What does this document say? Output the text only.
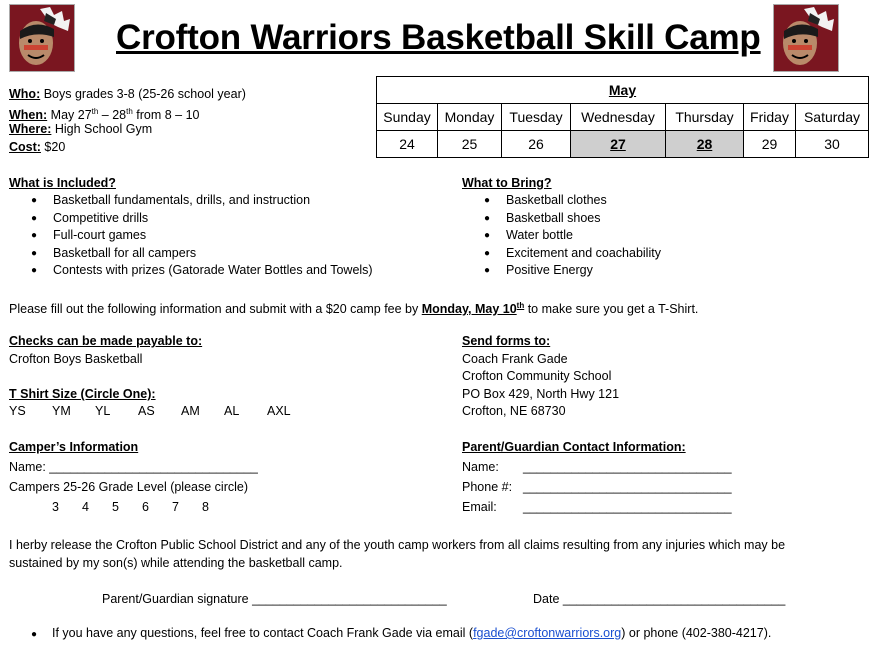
Crofton Warriors Basketball Skill Camp
Who: Boys grades 3-8 (25-26 school year)
When: May 27th – 28th from 8 – 10
Where: High School Gym
Cost: $20
May						
Sunday	Monday	Tuesday	Wednesday	Thursday	Friday	Saturday
24	25	26	27	28	29	30
What is Included?
● Basketball fundamentals, drills, and instruction
● Competitive drills
● Full-court games
● Basketball for all campers
● Contests with prizes (Gatorade Water Bottles and Towels)
What to Bring?
● Basketball clothes
● Basketball shoes
● Water bottle
● Excitement and coachability
● Positive Energy
Please fill out the following information and submit with a $20 camp fee by Monday, May 10th to make sure you get a T-Shirt.
Checks can be made payable to:
Crofton Boys Basketball
Send forms to:
Coach Frank Gade
Crofton Community School
PO Box 429, North Hwy 121
Crofton, NE 68730
T Shirt Size (Circle One):
YS YM YL AS AM AL AXL
Camper’s Information
Name: ______________________________
Campers 25-26 Grade Level (please circle)
3 4 5 6 7 8
Parent/Guardian Contact Information:
Name: ______________________________
Phone #: ______________________________
Email: ______________________________
I herby release the Crofton Public School District and any of the youth camp workers from all claims resulting from any injuries which may be
sustained by my son(s) while attending the basketball camp.
Parent/Guardian signature ____________________________	Date ________________________________
● If you have any questions, feel free to contact Coach Frank Gade via email (fgade@croftonwarriors.org) or phone (402-380-4217).
